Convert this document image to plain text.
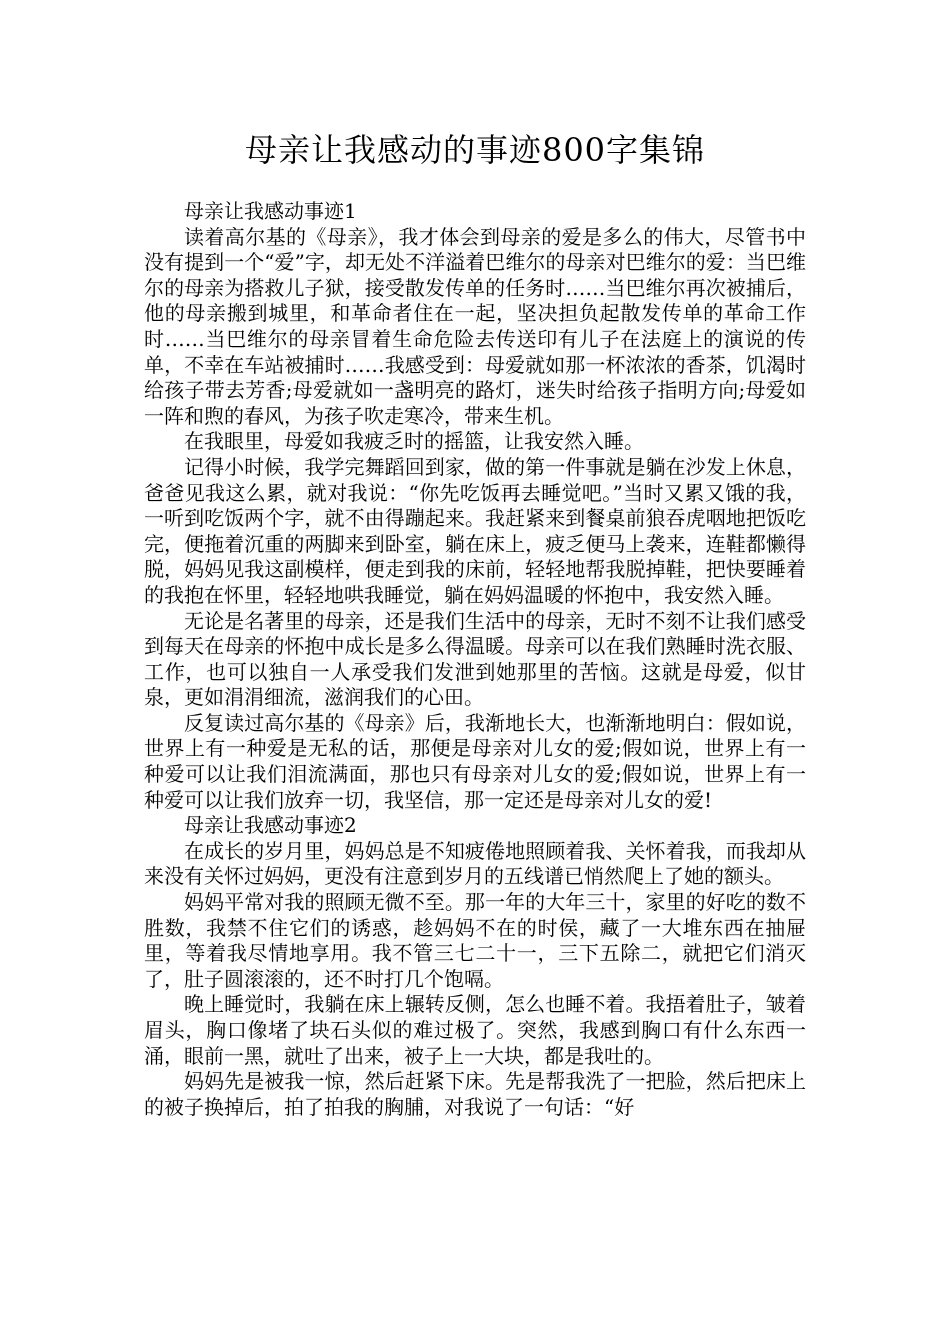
母亲让我感动的事迹800字集锦

母亲让我感动事迹1

读着高尔基的《母亲》，我才体会到母亲的爱是多么的伟大，尽管书中没有提到一个“爱”字，却无处不洋溢着巴维尔的母亲对巴维尔的爱：当巴维尔的母亲为搭救儿子狱，接受散发传单的任务时……当巴维尔再次被捕后，他的母亲搬到城里，和革命者住在一起，坚决担负起散发传单的革命工作时……当巴维尔的母亲冒着生命危险去传送印有儿子在法庭上的演说的传单，不幸在车站被捕时……我感受到：母爱就如那一杯浓浓的香茶，饥渴时给孩子带去芳香;母爱就如一盏明亮的路灯，迷失时给孩子指明方向;母爱如一阵和煦的春风，为孩子吹走寒冷，带来生机。

在我眼里，母爱如我疲乏时的摇篮，让我安然入睡。

记得小时候，我学完舞蹈回到家，做的第一件事就是躺在沙发上休息，爸爸见我这么累，就对我说：“你先吃饭再去睡觉吧。”当时又累又饿的我，一听到吃饭两个字，就不由得蹦起来。我赶紧来到餐桌前狼吞虎咽地把饭吃完，便拖着沉重的两脚来到卧室，躺在床上，疲乏便马上袭来，连鞋都懒得脱，妈妈见我这副模样，便走到我的床前，轻轻地帮我脱掉鞋，把快要睡着的我抱在怀里，轻轻地哄我睡觉，躺在妈妈温暖的怀抱中，我安然入睡。

无论是名著里的母亲，还是我们生活中的母亲，无时不刻不让我们感受到每天在母亲的怀抱中成长是多么得温暖。母亲可以在我们熟睡时洗衣服、工作，也可以独自一人承受我们发泄到她那里的苦恼。这就是母爱，似甘泉，更如涓涓细流，滋润我们的心田。

反复读过高尔基的《母亲》后，我渐地长大，也渐渐地明白：假如说，世界上有一种爱是无私的话，那便是母亲对儿女的爱;假如说，世界上有一种爱可以让我们泪流满面，那也只有母亲对儿女的爱;假如说，世界上有一种爱可以让我们放弃一切，我坚信，那一定还是母亲对儿女的爱!

母亲让我感动事迹2

在成长的岁月里，妈妈总是不知疲倦地照顾着我、关怀着我，而我却从来没有关怀过妈妈，更没有注意到岁月的五线谱已悄然爬上了她的额头。

妈妈平常对我的照顾无微不至。那一年的大年三十，家里的好吃的数不胜数，我禁不住它们的诱惑，趁妈妈不在的时侯，藏了一大堆东西在抽屉里，等着我尽情地享用。我不管三七二十一，三下五除二，就把它们消灭了，肚子圆滚滚的，还不时打几个饱嗝。

晚上睡觉时，我躺在床上辗转反侧，怎么也睡不着。我捂着肚子，皱着眉头，胸口像堵了块石头似的难过极了。突然，我感到胸口有什么东西一涌，眼前一黑，就吐了出来，被子上一大块，都是我吐的。

妈妈先是被我一惊，然后赶紧下床。先是帮我洗了一把脸，然后把床上的被子换掉后，拍了拍我的胸脯，对我说了一句话：“好
